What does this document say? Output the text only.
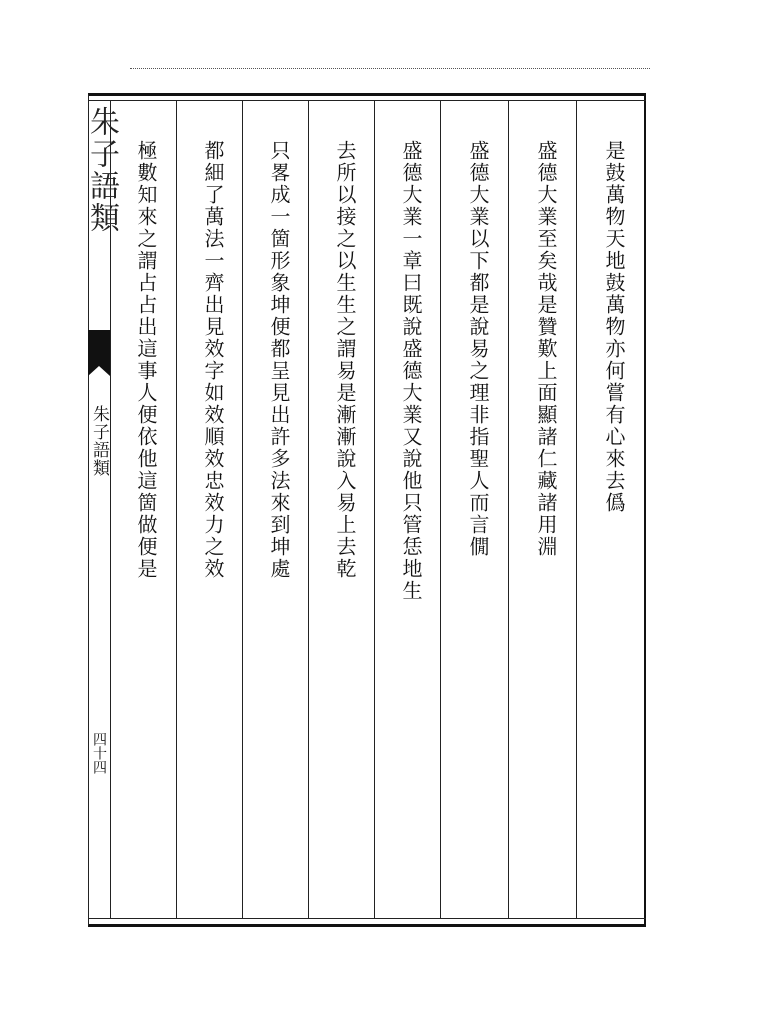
朱子語類
朱子語類
四十四
是鼓萬物天地鼓萬物亦何嘗有心來去僞
盛德大業至矣哉是贊歎上面顯諸仁藏諸用淵
盛德大業以下都是說易之理非指聖人而言僩
盛德大業一章曰既說盛德大業又說他只管恁地生
去所以接之以生生之謂易是漸漸說入易上去乾
只畧成一箇形象坤便都呈見出許多法來到坤處
都細了萬法一齊出見效字如效順效忠效力之效
極數知來之謂占占出這事人便依他這箇做便是
